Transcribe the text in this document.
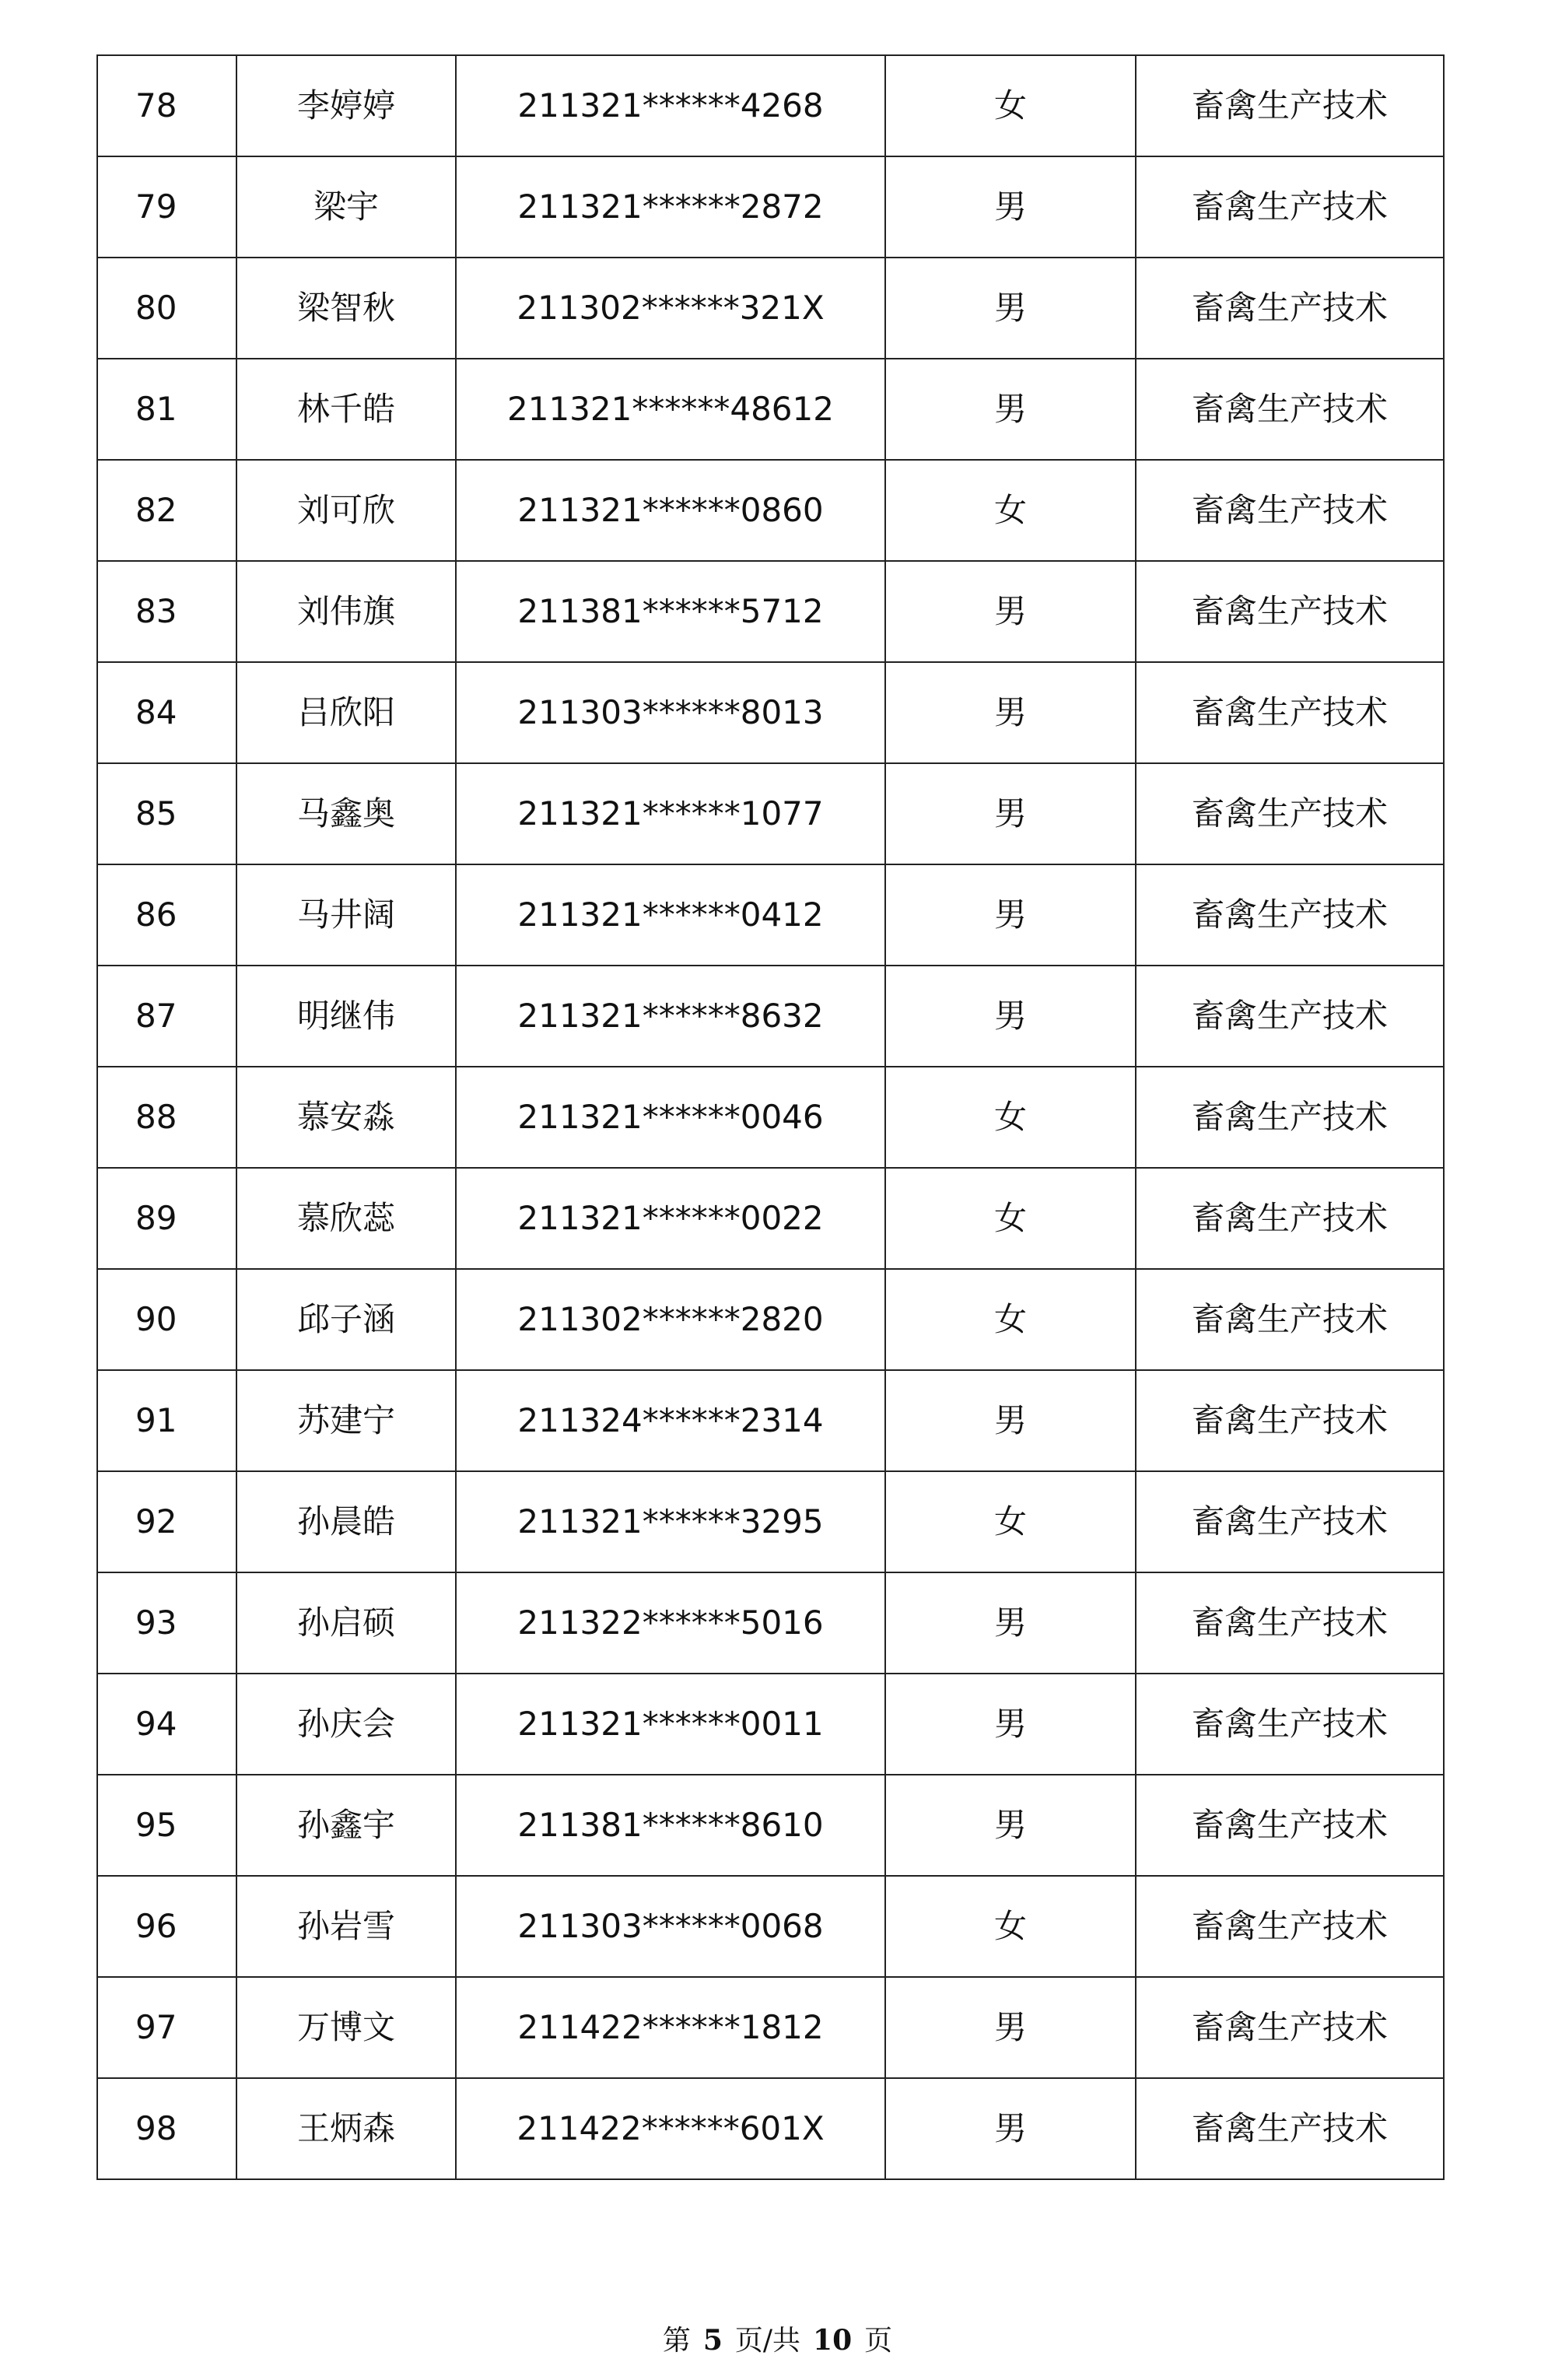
78	李婷婷	211321******4268	女	畜禽生产技术
79	梁宇	211321******2872	男	畜禽生产技术
80	梁智秋	211302******321X	男	畜禽生产技术
81	林千皓	211321******48612	男	畜禽生产技术
82	刘可欣	211321******0860	女	畜禽生产技术
83	刘伟旗	211381******5712	男	畜禽生产技术
84	吕欣阳	211303******8013	男	畜禽生产技术
85	马鑫奥	211321******1077	男	畜禽生产技术
86	马井阔	211321******0412	男	畜禽生产技术
87	明继伟	211321******8632	男	畜禽生产技术
88	慕安淼	211321******0046	女	畜禽生产技术
89	慕欣蕊	211321******0022	女	畜禽生产技术
90	邱子涵	211302******2820	女	畜禽生产技术
91	苏建宁	211324******2314	男	畜禽生产技术
92	孙晨皓	211321******3295	女	畜禽生产技术
93	孙启硕	211322******5016	男	畜禽生产技术
94	孙庆会	211321******0011	男	畜禽生产技术
95	孙鑫宇	211381******8610	男	畜禽生产技术
96	孙岩雪	211303******0068	女	畜禽生产技术
97	万博文	211422******1812	男	畜禽生产技术
98	王炳森	211422******601X	男	畜禽生产技术
第 5 页/共 10 页
